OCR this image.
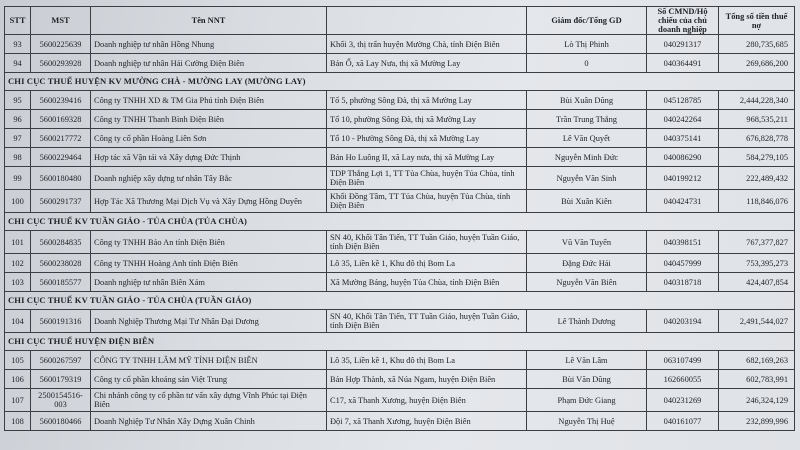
STT	MST	Tên NNT		Giám đốc/Tổng GD	Số CMND/Hộ chiếu của chủ doanh nghiệp	Tổng số tiền thuế nợ
93	5600225639	Doanh nghiệp tư nhân Hồng Nhung	Khối 3, thị trấn huyện Mường Chà, tỉnh Điện Biên	Lò Thị Phinh	040291317	280,735,685
94	5600293928	Doanh nghiệp tư nhân Hải Cường Điện Biên	Bản Ổ, xã Lay Nưa, thị xã Mường Lay	0	040364491	269,686,200
CHI CỤC THUẾ HUYỆN KV MƯỜNG CHÀ - MƯỜNG LAY (MƯỜNG LAY)						
95	5600239416	Công ty TNHH XD & TM Gia Phú tỉnh Điện Biên	Tổ 5, phường Sông Đà, thị xã Mường Lay	Bùi Xuân Dũng	045128785	2,444,228,340
96	5600169328	Công ty TNHH Thanh Bình Điện Biên	Tổ 10, phường Sông Đà, thị xã Mường Lay	Trần Trung Thắng	040242264	968,535,211
97	5600217772	Công ty cổ phần Hoàng Liên Sơn	Tổ 10 - Phường Sông Đà, thị xã Mường Lay	Lê Văn Quyết	040375141	676,828,778
98	5600229464	Hợp tác xã Vận tải và Xây dựng Đức Thịnh	Bản Ho Luông II, xã Lay nưa, thị xã Mường Lay	Nguyễn Minh Đức	040086290	584,279,105
99	5600180480	Doanh nghiệp xây dựng tư nhân Tây Bắc	TDP Thắng Lợi 1, TT Tủa Chùa, huyện Tủa Chùa, tỉnh Điện Biên	Nguyễn Văn Sinh	040199212	222,489,432
100	5600291737	Hợp Tác Xã Thương Mại Dịch Vụ và Xây Dựng Hồng Duyên	Khối Đồng Tâm, TT Tủa Chùa, huyện Tủa Chùa, tỉnh Điện Biên	Bùi Xuân Kiên	040424731	118,846,076
CHI CỤC THUẾ KV TUẦN GIÁO - TỦA CHÙA (TỦA CHÙA)						
101	5600284835	Công ty TNHH Bảo An tỉnh Điện Biên	SN 40, Khối Tân Tiến, TT Tuần Giáo, huyện Tuần Giáo, tỉnh Điện Biên	Vũ Văn Tuyến	040398151	767,377,827
102	5600238028	Công ty TNHH Hoàng Anh tỉnh Điện Biên	Lô 35, Liền kề 1, Khu đô thị Bom La	Đặng Đức Hải	040457999	753,395,273
103	5600185577	Doanh nghiệp tư nhân Biên Xám	Xã Mường Báng, huyện Tủa Chùa, tỉnh Điện Biên	Nguyễn Văn Biên	040318718	424,407,854
CHI CỤC THUẾ KV TUẦN GIÁO - TỦA CHÙA (TUẦN GIÁO)						
104	5600191316	Doanh Nghiệp Thương Mại Tư Nhân Đại Dương	SN 40, Khối Tân Tiến, TT Tuần Giáo, huyện Tuần Giáo, tỉnh Điện Biên	Lê Thành Dương	040203194	2,491,544,027
CHI CỤC THUẾ HUYỆN ĐIỆN BIÊN						
105	5600267597	CÔNG TY TNHH LÂM MỸ TỈNH ĐIỆN BIÊN	Lô 35, Liền kề 1, Khu đô thị Bom La	Lê Văn Lâm	063107499	682,169,263
106	5600179319	Công ty cổ phần khoáng sản Việt Trung	Bản Hợp Thành, xã Núa Ngam, huyện Điện Biên	Bùi Văn Dũng	162660055	602,783,991
107	2500154516-003	Chi nhánh công ty cổ phần tư vấn xây dựng Vĩnh Phúc tại Điện Biên	C17, xã Thanh Xương, huyện Điện Biên	Phạm Đức Giang	040231269	246,324,129
108	5600180466	Doanh Nghiệp Tư Nhân Xây Dựng Xuân Chinh	Đội 7, xã Thanh Xương, huyện Điện Biên	Nguyễn Thị Huệ	040161077	232,899,996
